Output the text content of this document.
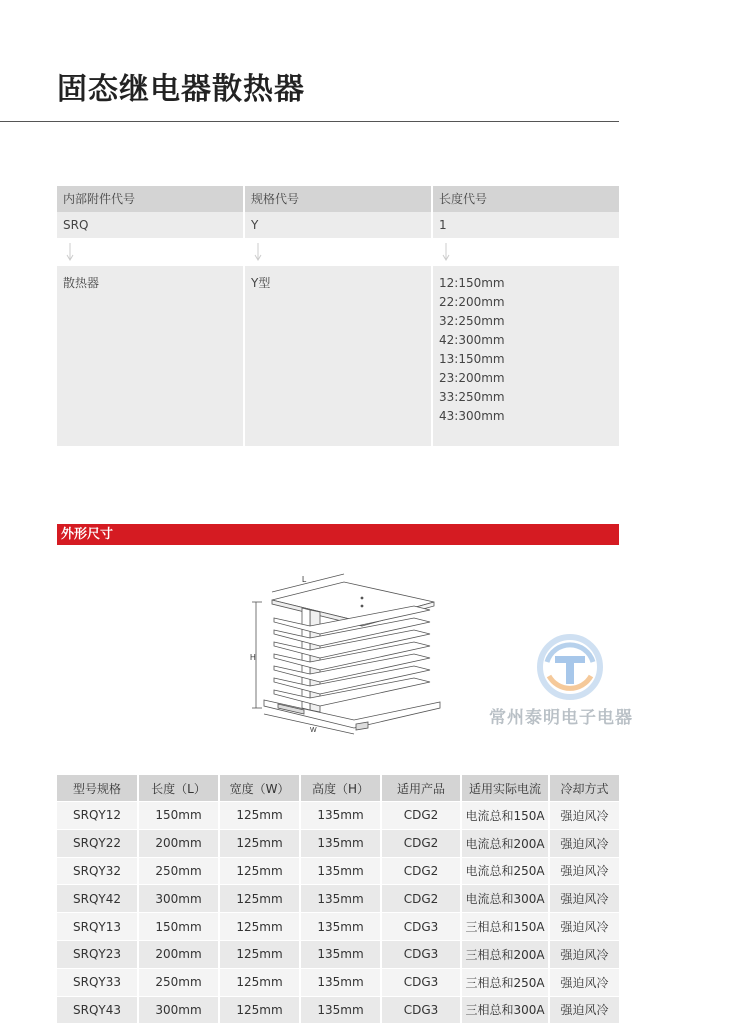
固态继电器散热器
内部附件代号	规格代号	长度代号
SRQ	Y	1
散热器	Y型	12:150mm
22:200mm
32:250mm
42:300mm
13:150mm
23:200mm
33:250mm
43:300mm
外形尺寸
L
H
W
常州泰明电子电器
型号规格	长度（L）	宽度（W）	高度（H）	适用产品	适用实际电流	冷却方式
SRQY12	150mm	125mm	135mm	CDG2	电流总和150A	强迫风冷
SRQY22	200mm	125mm	135mm	CDG2	电流总和200A	强迫风冷
SRQY32	250mm	125mm	135mm	CDG2	电流总和250A	强迫风冷
SRQY42	300mm	125mm	135mm	CDG2	电流总和300A	强迫风冷
SRQY13	150mm	125mm	135mm	CDG3	三相总和150A	强迫风冷
SRQY23	200mm	125mm	135mm	CDG3	三相总和200A	强迫风冷
SRQY33	250mm	125mm	135mm	CDG3	三相总和250A	强迫风冷
SRQY43	300mm	125mm	135mm	CDG3	三相总和300A	强迫风冷
